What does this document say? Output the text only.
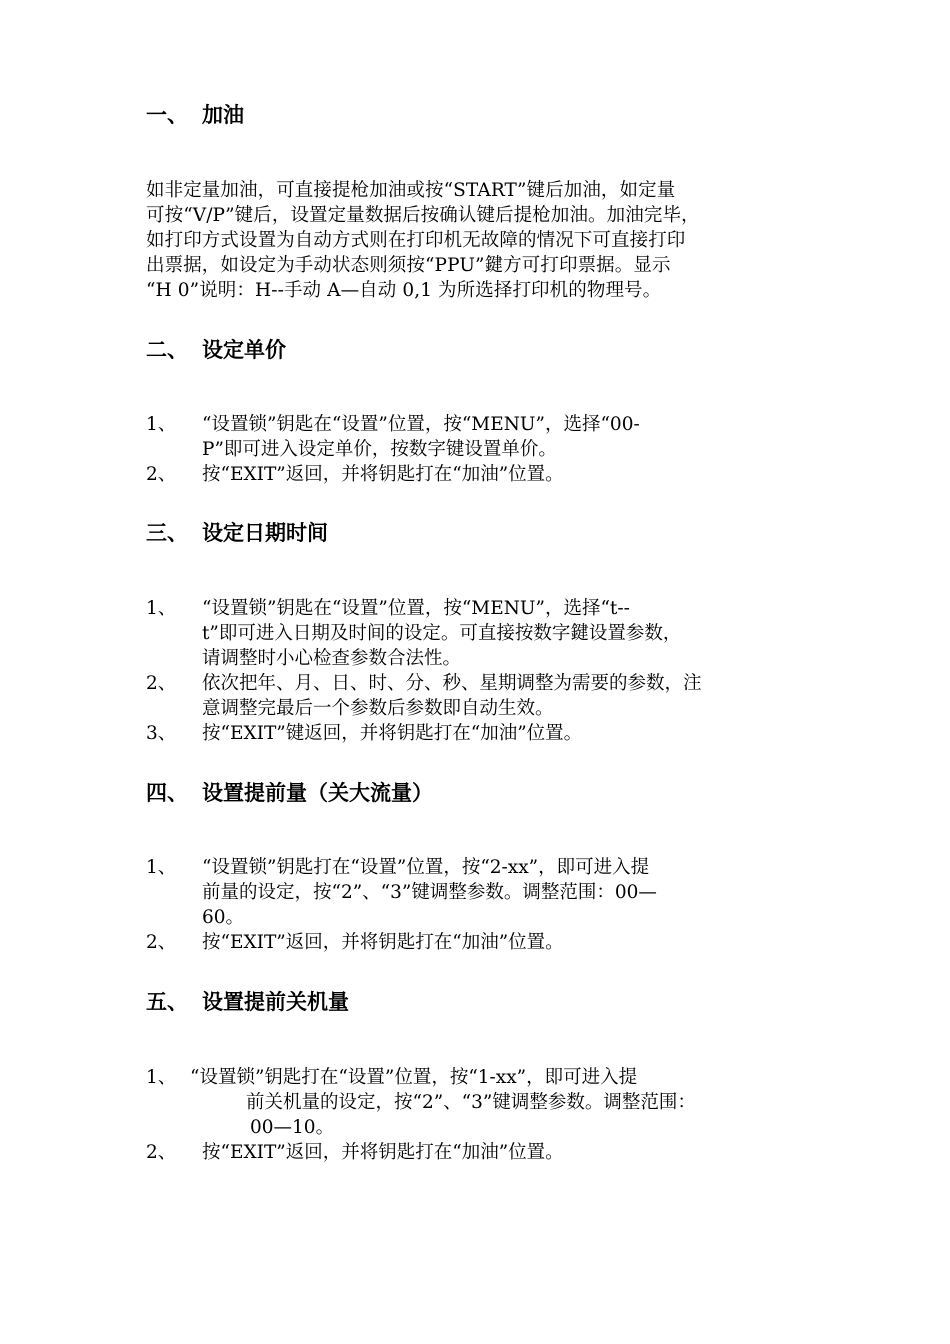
一、 加油
如非定量加油，可直接提枪加油或按“START”键后加油，如定量
可按“V/P”键后，设置定量数据后按确认键后提枪加油。加油完毕，
如打印方式设置为自动方式则在打印机无故障的情况下可直接打印
出票据，如设定为手动状态则须按“PPU”鍵方可打印票据。显示
“H 0”说明：H--手动 A—自动 0,1 为所选择打印机的物理号。
二、 设定单价
1、 “设置锁”钥匙在“设置”位置，按“MENU”，选择“00-
P”即可进入设定单价，按数字键设置单价。
2、 按“EXIT”返回，并将钥匙打在“加油”位置。
三、 设定日期时间
1、 “设置锁”钥匙在“设置”位置，按“MENU”，选择“t--
t”即可进入日期及时间的设定。可直接按数字鍵设置参数，
请调整时小心检查参数合法性。
2、 依次把年、月、日、时、分、秒、星期调整为需要的参数，注
意调整完最后一个参数后参数即自动生效。
3、 按“EXIT”键返回，并将钥匙打在“加油”位置。
四、 设置提前量（关大流量）
1、 “设置锁”钥匙打在“设置”位置，按“2-xx”，即可进入提
前量的设定，按“2”、“3”键调整参数。调整范围：00—
60。
2、 按“EXIT”返回，并将钥匙打在“加油”位置。
五、 设置提前关机量
1、 “设置锁”钥匙打在“设置”位置，按“1-xx”，即可进入提
前关机量的设定，按“2”、“3”键调整参数。调整范围：
00—10。
2、 按“EXIT”返回，并将钥匙打在“加油”位置。
